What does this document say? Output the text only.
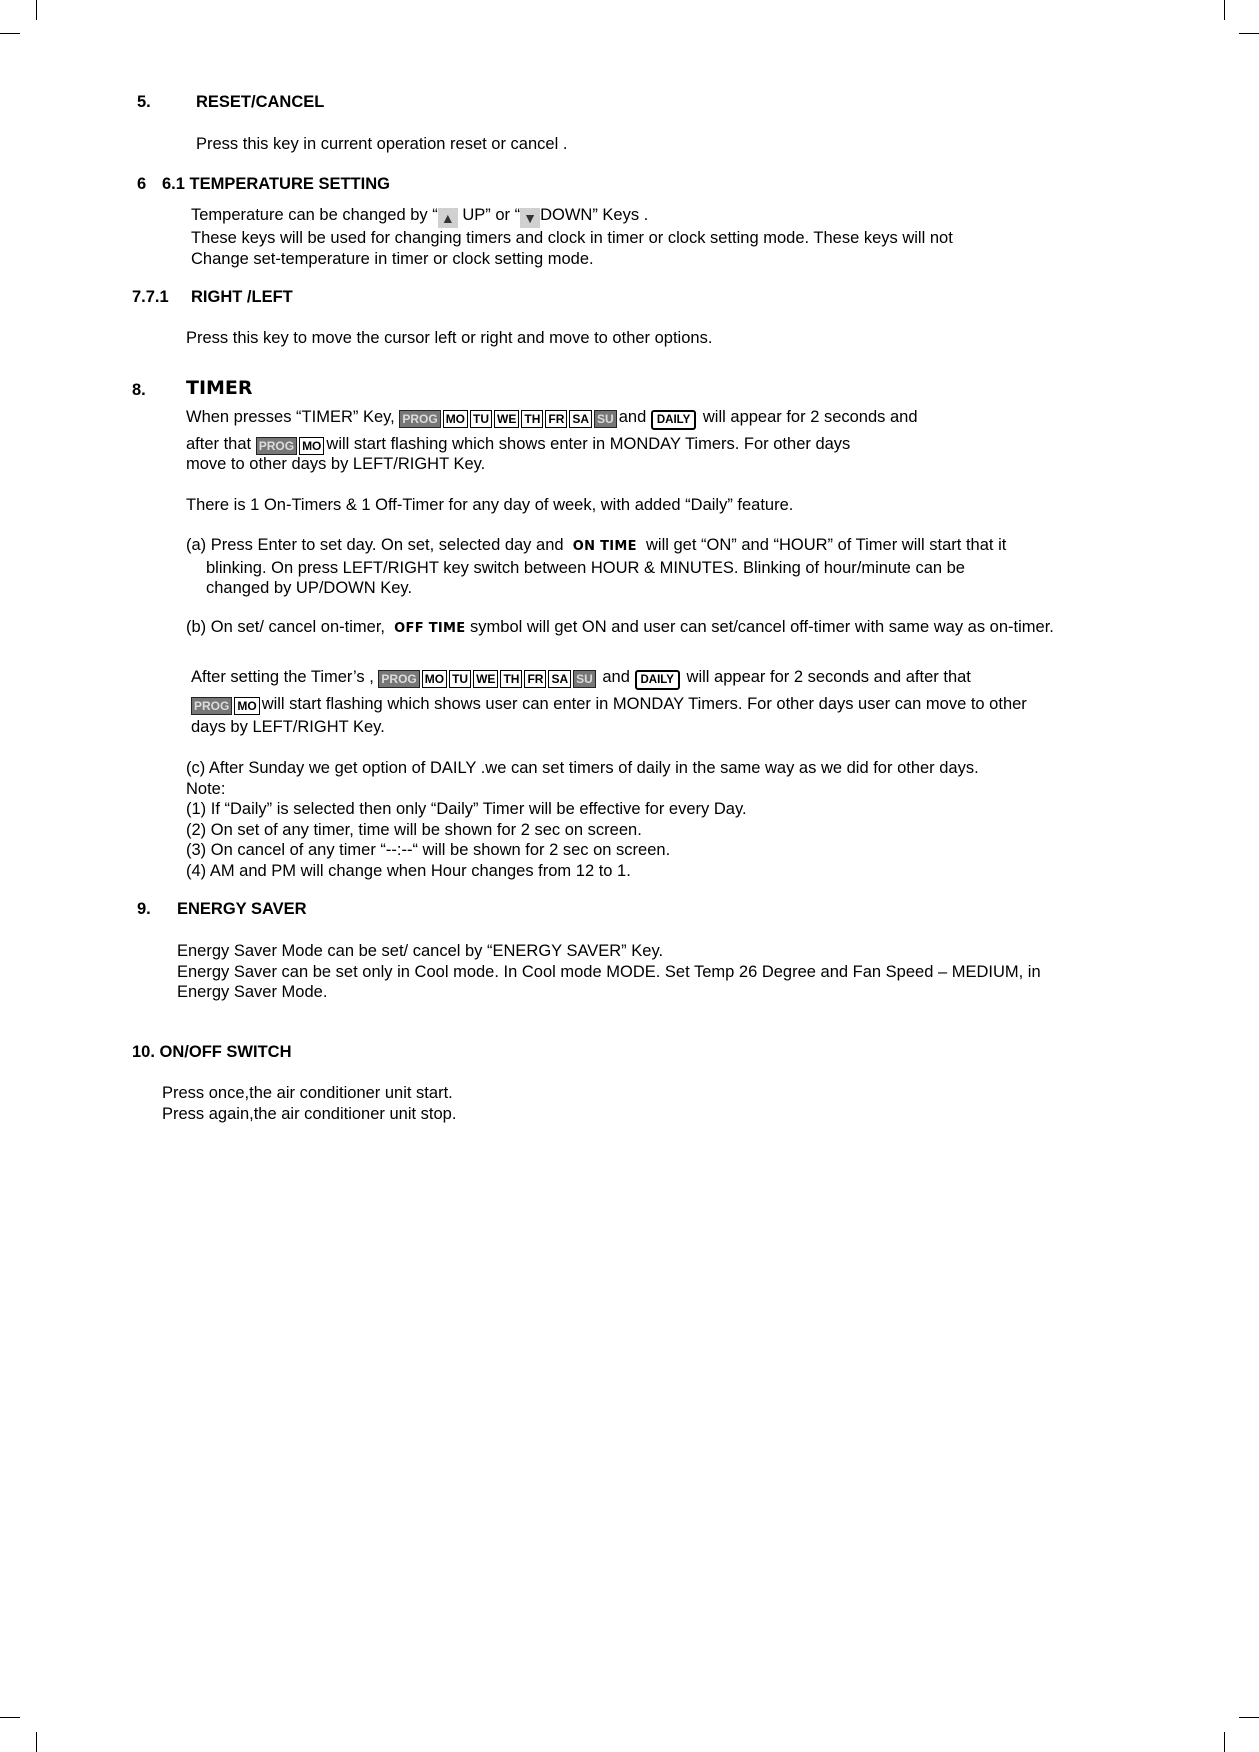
5.	RESET/CANCEL
Press this key in current operation reset or cancel .
6 6.1 TEMPERATURE SETTING
Temperature can be changed by “ ▲ UP” or “ ▼ DOWN” Keys .
These keys will be used for changing timers and clock in timer or clock setting mode. These keys will not
Change set-temperature in timer or clock setting mode.
7.7.1 RIGHT /LEFT
Press this key to move the cursor left or right and move to other options.
8. TIMER
When presses “TIMER” Key, PROG MO TU WE TH FR SA SU and DAILY will appear for 2 seconds and
after that PROG MO will start flashing which shows enter in MONDAY Timers. For other days
move to other days by LEFT/RIGHT Key.
There is 1 On-Timers & 1 Off-Timer for any day of week, with added “Daily” feature.
(a) Press Enter to set day. On set, selected day and ON TIME will get “ON” and “HOUR” of Timer will start that it
blinking. On press LEFT/RIGHT key switch between HOUR & MINUTES. Blinking of hour/minute can be
changed by UP/DOWN Key.
(b) On set/ cancel on-timer, OFF TIME symbol will get ON and user can set/cancel off-timer with same way as on-timer.
After setting the Timer’s , PROG MO TU WE TH FR SA SU and DAILY will appear for 2 seconds and after that
PROG MO will start flashing which shows user can enter in MONDAY Timers. For other days user can move to other
days by LEFT/RIGHT Key.
(c) After Sunday we get option of DAILY .we can set timers of daily in the same way as we did for other days.
Note:
(1) If “Daily” is selected then only “Daily” Timer will be effective for every Day.
(2) On set of any timer, time will be shown for 2 sec on screen.
(3) On cancel of any timer “--:--“ will be shown for 2 sec on screen.
(4) AM and PM will change when Hour changes from 12 to 1.
9. ENERGY SAVER
Energy Saver Mode can be set/ cancel by “ENERGY SAVER” Key.
Energy Saver can be set only in Cool mode. In Cool mode MODE. Set Temp 26 Degree and Fan Speed – MEDIUM, in
Energy Saver Mode.
10. ON/OFF SWITCH
Press once,the air conditioner unit start.
Press again,the air conditioner unit stop.
